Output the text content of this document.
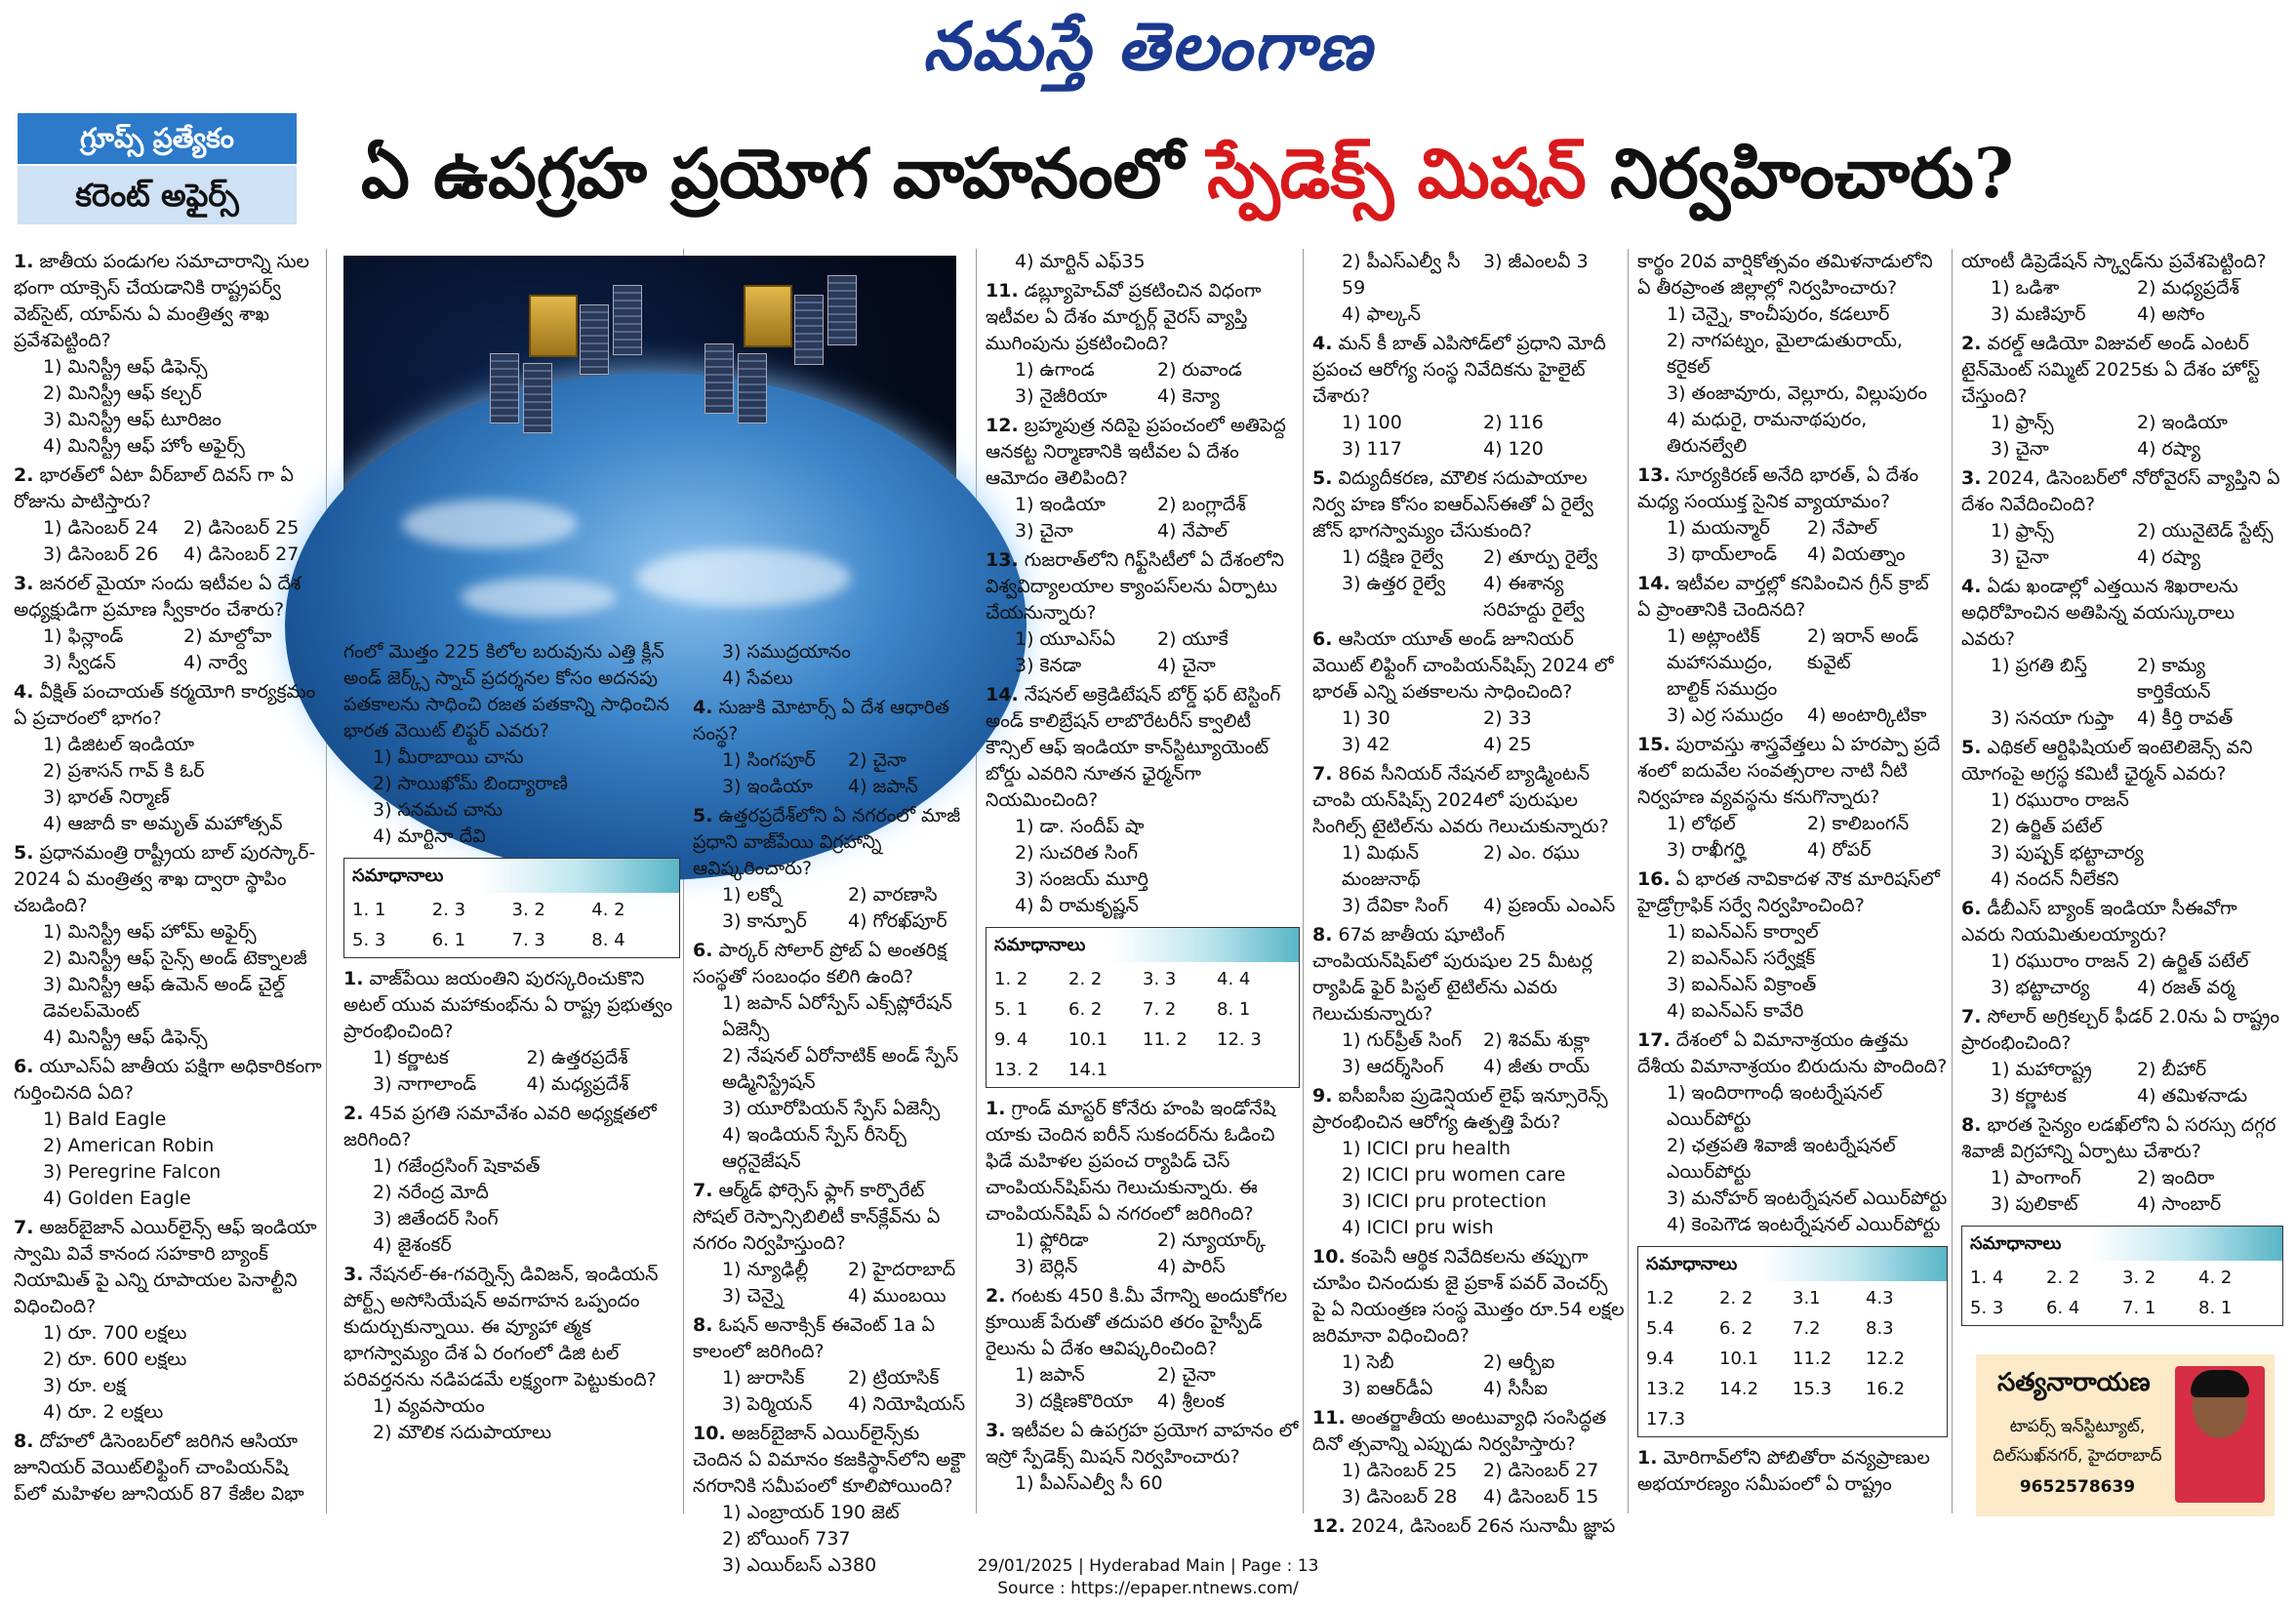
నమస్తే తెలంగాణ
గ్రూప్స్ ప్రత్యేకం
కరెంట్ అఫైర్స్	ఏ ఉపగ్రహ ప్రయోగ వాహనంలో స్పేడెక్స్ మిషన్ నిర్వహించారు?
1. జాతీయ పండుగల సమాచారాన్ని సుల భంగా యాక్సెస్ చేయడానికి రాష్ట్రపర్వ్ వెబ్‌సైట్, యాప్‌ను ఏ మంత్రిత్వ శాఖ ప్రవేశపెట్టింది?
1) మినిస్ట్రీ ఆఫ్ డిఫెన్స్
2) మినిస్ట్రీ ఆఫ్ కల్చర్
3) మినిస్ట్రీ ఆఫ్ టూరిజం
4) మినిస్ట్రీ ఆఫ్ హోం అఫైర్స్
2. భారత్‌లో ఏటా వీర్‌బాల్ దివస్ గా ఏ రోజును పాటిస్తారు?
1) డిసెంబర్ 24	2) డిసెంబర్ 25
3) డిసెంబర్ 26	4) డిసెంబర్ 27
3. జనరల్ మైయా సందు ఇటీవల ఏ దేశ అధ్యక్షుడిగా ప్రమాణ స్వీకారం చేశారు?
1) ఫిన్లాండ్	2) మాల్దోవా
3) స్వీడన్	4) నార్వే
4. వీక్షిత్ పంచాయత్ కర్మయోగి కార్యక్రమం ఏ ప్రచారంలో భాగం?
1) డిజిటల్ ఇండియా
2) ప్రశాసన్ గావ్ కి ఓర్
3) భారత్ నిర్మాణ్
4) ఆజాదీ కా అమృత్ మహోత్సవ్
5. ప్రధానమంత్రి రాష్ట్రీయ బాల్ పురస్కార్- 2024 ఏ మంత్రిత్వ శాఖ ద్వారా స్థాపిం చబడింది?
1) మినిస్ట్రీ ఆఫ్ హోమ్ అఫైర్స్
2) మినిస్ట్రీ ఆఫ్ సైన్స్ అండ్ టెక్నాలజీ
3) మినిస్ట్రీ ఆఫ్ ఉమెన్ అండ్ చైల్డ్ డెవలప్‌మెంట్
4) మినిస్ట్రీ ఆఫ్ డిఫెన్స్
6. యూఎస్‌ఏ జాతీయ పక్షిగా అధికారికంగా గుర్తించినది ఏది?
1) Bald Eagle
2) American Robin
3) Peregrine Falcon
4) Golden Eagle
7. అజర్‌బైజాన్ ఎయిర్‌లైన్స్ ఆఫ్ ఇండియా స్వామి వివే కానంద సహకారి బ్యాంక్ నియామిత్ పై ఎన్ని రూపాయల పెనాల్టీని విధించింది?
1) రూ. 700 లక్షలు
2) రూ. 600 లక్షలు
3) రూ. లక్ష
4) రూ. 2 లక్షలు
8. దోహలో డిసెంబర్‌లో జరిగిన ఆసియా జూనియర్ వెయిట్‌లిఫ్టింగ్ చాంపియన్‌షి ప్‌లో మహిళల జూనియర్ 87 కేజీల విభా
గంలో మొత్తం 225 కిలోల బరువును ఎత్తి క్లీన్ అండ్ జెర్క్స్ స్నాచ్ ప్రదర్శనల కోసం అదనపు పతకాలను సాధించి రజత పతకాన్ని సాధించిన భారత వెయిట్ లిఫ్టర్ ఎవరు?
1) మీరాబాయి చాను
2) సాయిఖోమ్ బింద్యారాణి
3) సనమచ చాను
4) మార్టినా దేవి
సమాధానాలు
1. 1	2. 3	3. 2	4. 2
5. 3	6. 1	7. 3	8. 4
1. వాజ్‌పేయి జయంతిని పురస్కరించుకొని అటల్ యువ మహాకుంభ్‌ను ఏ రాష్ట్ర ప్రభుత్వం ప్రారంభించింది?
1) కర్ణాటక	2) ఉత్తరప్రదేశ్
3) నాగాలాండ్	4) మధ్యప్రదేశ్
2. 45వ ప్రగతి సమావేశం ఎవరి అధ్యక్షతలో జరిగింది?
1) గజేంద్రసింగ్ షెకావత్
2) నరేంద్ర మోదీ
3) జితేందర్ సింగ్
4) జైశంకర్
3. నేషనల్-ఈ-గవర్నెన్స్ డివిజన్, ఇండియన్ పోర్ట్స్ అసోసియేషన్ అవగాహన ఒప్పందం కుదుర్చుకున్నాయి. ఈ వ్యూహా త్మక భాగస్వామ్యం దేశ ఏ రంగంలో డిజి టల్ పరివర్తనను నడిపడమే లక్ష్యంగా పెట్టుకుంది?
1) వ్యవసాయం
2) మౌలిక సదుపాయాలు
3) సముద్రయానం
4) సేవలు
4. సుజుకి మోటార్స్ ఏ దేశ ఆధారిత సంస్థ?
1) సింగపూర్	2) చైనా
3) ఇండియా	4) జపాన్
5. ఉత్తరప్రదేశ్‌లోని ఏ నగరంలో మాజీ ప్రధాని వాజ్‌పేయి విగ్రహాన్ని ఆవిష్కరించారు?
1) లక్నో	2) వారణాసి
3) కాన్పూర్	4) గోరఖ్‌పూర్
6. పార్కర్ సోలార్ ప్రోబ్ ఏ అంతరిక్ష సంస్థతో సంబంధం కలిగి ఉంది?
1) జపాన్ ఏరోస్పేస్ ఎక్స్‌ప్లోరేషన్ ఏజెన్సీ
2) నేషనల్ ఏరోనాటిక్ అండ్ స్పేస్ అడ్మినిస్ట్రేషన్
3) యూరోపియన్ స్పేస్ ఏజెన్సీ
4) ఇండియన్ స్పేస్ రీసెర్చ్ ఆర్గనైజేషన్
7. ఆర్మ్‌డ్ ఫోర్సెస్ ఫ్లాగ్ కార్పొరేట్ సోషల్ రెస్పాన్సిబిలిటీ కాన్‌క్లేవ్‌ను ఏ నగరం నిర్వహిస్తుంది?
1) న్యూఢిల్లీ	2) హైదరాబాద్
3) చెన్నై	4) ముంబయి
8. ఓషన్ అనాక్సిక్ ఈవెంట్ 1a ఏ కాలంలో జరిగింది?
1) జురాసిక్	2) ట్రియాసిక్
3) పెర్మియన్	4) నియోషియస్
10. అజర్‌బైజాన్ ఎయిర్‌లైన్స్‌కు చెందిన ఏ విమానం కజకిస్థాన్‌లోని అక్టౌ నగరానికి సమీపంలో కూలిపోయింది?
1) ఎంబ్రాయర్ 190 జెట్
2) బోయింగ్ 737
3) ఎయిర్‌బస్ ఎ380
4) మార్టిన్ ఎఫ్35
11. డబ్ల్యూహెచ్‌వో ప్రకటించిన విధంగా ఇటీవల ఏ దేశం మార్బర్గ్ వైరస్ వ్యాప్తి ముగింపును ప్రకటించింది?
1) ఉగాండ	2) రువాండ
3) నైజీరియా	4) కెన్యా
12. బ్రహ్మపుత్ర నదిపై ప్రపంచంలో అతిపెద్ద ఆనకట్ట నిర్మాణానికి ఇటీవల ఏ దేశం ఆమోదం తెలిపింది?
1) ఇండియా	2) బంగ్లాదేశ్
3) చైనా	4) నేపాల్
13. గుజరాత్‌లోని గిఫ్ట్‌సిటీలో ఏ దేశంలోని విశ్వవిద్యాలయాల క్యాంపస్‌లను ఏర్పాటు చేయనున్నారు?
1) యూఎస్‌ఏ	2) యూకే
3) కెనడా	4) చైనా
14. నేషనల్ అక్రెడిటేషన్ బోర్డ్ ఫర్ టెస్టింగ్ అండ్ కాలిబ్రేషన్ లాబొరేటరీస్ క్వాలిటీ కౌన్సిల్ ఆఫ్ ఇండియా కాన్‌స్టిట్యూయెంట్ బోర్డు ఎవరిని నూతన ఛైర్మన్‌గా నియమించింది?
1) డా. సందీప్ షా
2) సుచరిత సింగ్
3) సంజయ్ మూర్తి
4) వీ రామకృష్ణన్
సమాధానాలు
1. 2	2. 2	3. 3	4. 4
5. 1	6. 2	7. 2	8. 1
9. 4	10.1	11. 2	12. 3
13. 2	14.1
1. గ్రాండ్ మాస్టర్ కోనేరు హంపి ఇండోనేషి యాకు చెందిన ఐరీన్ సుకందర్‌ను ఓడించి ఫిడే మహిళల ప్రపంచ ర్యాపిడ్ చెస్ చాంపియన్‌షిప్‌ను గెలుచుకున్నారు. ఈ చాంపియన్‌షిప్ ఏ నగరంలో జరిగింది?
1) ఫ్లోరిడా	2) న్యూయార్క్
3) బెర్లిన్	4) పారిస్
2. గంటకు 450 కి.మీ వేగాన్ని అందుకోగల క్రూయిజ్ పేరుతో తదుపరి తరం హైస్పీడ్ రైలును ఏ దేశం ఆవిష్కరించింది?
1) జపాన్	2) చైనా
3) దక్షిణకొరియా	4) శ్రీలంక
3. ఇటీవల ఏ ఉపగ్రహ ప్రయోగ వాహనం లో ఇస్రో స్పేడెక్స్ మిషన్ నిర్వహించారు?
1) పీఎస్ఎల్వీ సీ 60
2) పీఎస్ఎల్వీ సీ 59
3) జీఎంలవీ 3
4) ఫాల్కన్
4. మన్ కీ బాత్ ఎపిసోడ్‌లో ప్రధాని మోదీ ప్రపంచ ఆరోగ్య సంస్థ నివేదికను హైలైట్ చేశారు?
1) 100	2) 116
3) 117	4) 120
5. విద్యుదీకరణ, మౌలిక సదుపాయాల నిర్వ హణ కోసం ఐఆర్ఎస్ఈతో ఏ రైల్వే జోన్ భాగస్వామ్యం చేసుకుంది?
1) దక్షిణ రైల్వే	2) తూర్పు రైల్వే
3) ఉత్తర రైల్వే	4) ఈశాన్య సరిహద్దు రైల్వే
6. ఆసియా యూత్ అండ్ జూనియర్ వెయిట్ లిఫ్టింగ్ చాంపియన్‌షిప్స్ 2024 లో భారత్ ఎన్ని పతకాలను సాధించింది?
1) 30	2) 33
3) 42	4) 25
7. 86వ సీనియర్ నేషనల్ బ్యాడ్మింటన్ చాంపి యన్‌షిప్స్ 2024లో పురుషుల సింగిల్స్ టైటిల్‌ను ఎవరు గెలుచుకున్నారు?
1) మిథున్ మంజునాథ్
2) ఎం. రఘు
3) దేవికా సింగ్	4) ప్రణయ్ ఎంఎస్
8. 67వ జాతీయ షూటింగ్ చాంపియన్‌షిప్‌లో పురుషుల 25 మీటర్ల ర్యాపిడ్ ఫైర్ పిస్టల్ టైటిల్‌ను ఎవరు గెలుచుకున్నారు?
1) గుర్‌ప్రీత్ సింగ్	2) శివమ్ శుక్లా
3) ఆదర్శ్‌సింగ్	4) జీతు రాయ్
9. ఐసీఐసీఐ ప్రుడెన్షియల్ లైఫ్ ఇన్సూరెన్స్ ప్రారంభించిన ఆరోగ్య ఉత్పత్తి పేరు?
1) ICICI pru health
2) ICICI pru women care
3) ICICI pru protection
4) ICICI pru wish
10. కంపెనీ ఆర్థిక నివేదికలను తప్పుగా చూపిం చినందుకు జై ప్రకాశ్ పవర్ వెంచర్స్ పై ఏ నియంత్రణ సంస్థ మొత్తం రూ.54 లక్షల జరిమానా విధించింది?
1) సెబీ	2) ఆర్బీఐ
3) ఐఆర్‌డీఏ	4) సీసీఐ
11. అంతర్జాతీయ అంటువ్యాధి సంసిద్ధత దినో త్సవాన్ని ఎప్పుడు నిర్వహిస్తారు?
1) డిసెంబర్ 25	2) డిసెంబర్ 27
3) డిసెంబర్ 28	4) డిసెంబర్ 15
12. 2024, డిసెంబర్ 26న సునామీ జ్ఞాప
కార్థం 20వ వార్షికోత్సవం తమిళనాడులోని ఏ తీరప్రాంత జిల్లాల్లో నిర్వహించారు?
1) చెన్నై, కాంచీపురం, కడలూర్
2) నాగపట్నం, మైలాడుతురాయ్, కరైకల్
3) తంజావూరు, వెల్లూరు, విల్లుపురం
4) మధురై, రామనాథపురం, తిరునల్వేలి
13. సూర్యకిరణ్ అనేది భారత్, ఏ దేశం మధ్య సంయుక్త సైనిక వ్యాయామం?
1) మయన్మార్	2) నేపాల్
3) థాయ్‌లాండ్	4) వియత్నాం
14. ఇటీవల వార్తల్లో కనిపించిన గ్రీన్ క్రాబ్ ఏ ప్రాంతానికి చెందినది?
1) అట్లాంటిక్ మహాసముద్రం, బాల్టిక్ సముద్రం
2) ఇరాన్ అండ్ కువైట్
3) ఎర్ర సముద్రం	4) అంటార్కిటికా
15. పురావస్తు శాస్త్రవేత్తలు ఏ హరప్పా ప్రదే శంలో ఐదువేల సంవత్సరాల నాటి నీటి నిర్వహణ వ్యవస్థను కనుగొన్నారు?
1) లోథల్	2) కాలిబంగన్
3) రాఖీగర్హి	4) రోపర్
16. ఏ భారత నావికాదళ నౌక మారిషస్‌లో హైడ్రోగ్రాఫిక్ సర్వే నిర్వహించింది?
1) ఐఎన్ఎస్ కార్వాల్
2) ఐఎన్ఎస్ సర్వేక్షక్
3) ఐఎన్ఎస్ విక్రాంత్
4) ఐఎన్ఎస్ కావేరి
17. దేశంలో ఏ విమానాశ్రయం ఉత్తమ దేశీయ విమానాశ్రయం బిరుదును పొందింది?
1) ఇందిరాగాంధీ ఇంటర్నేషనల్ ఎయిర్‌పోర్టు
2) ఛత్రపతి శివాజీ ఇంటర్నేషనల్ ఎయిర్‌పోర్టు
3) మనోహర్ ఇంటర్నేషనల్ ఎయిర్‌పోర్టు
4) కెంపెగౌడ ఇంటర్నేషనల్ ఎయిర్‌పోర్టు
సమాధానాలు
1.2	2. 2	3.1	4.3
5.4	6. 2	7.2	8.3
9.4	10.1	11.2	12.2
13.2	14.2	15.3	16.2
17.3
1. మోరిగావ్‌లోని పోబితోరా వన్యప్రాణుల అభయారణ్యం సమీపంలో ఏ రాష్ట్రం
యాంటీ డిప్రెడేషన్ స్క్వాడ్‌ను ప్రవేశపెట్టింది?
1) ఒడిశా	2) మధ్యప్రదేశ్
3) మణిపూర్	4) అసోం
2. వరల్డ్ ఆడియో విజువల్ అండ్ ఎంటర్ టైన్‌మెంట్ సమ్మిట్ 2025కు ఏ దేశం హోస్ట్ చేస్తుంది?
1) ఫ్రాన్స్	2) ఇండియా
3) చైనా	4) రష్యా
3. 2024, డిసెంబర్‌లో నోరోవైరస్ వ్యాప్తిని ఏ దేశం నివేదించింది?
1) ఫ్రాన్స్	2) యునైటెడ్ స్టేట్స్
3) చైనా	4) రష్యా
4. ఏడు ఖండాల్లో ఎత్తయిన శిఖరాలను అధిరోహించిన అతిపిన్న వయస్కురాలు ఎవరు?
1) ప్రగతి బిస్త్	2) కామ్య కార్తికేయన్
3) సనయా గుప్తా	4) కీర్తి రావత్
5. ఎథికల్ ఆర్టిఫిషియల్ ఇంటెలిజెన్స్ వని యోగంపై అగ్రస్థ కమిటీ ఛైర్మన్ ఎవరు?
1) రఘురాం రాజన్
2) ఉర్జిత్ పటేల్
3) పుష్పక్ భట్టాచార్య
4) నందన్ నీలేకని
6. డీబీఎస్ బ్యాంక్ ఇండియా సీఈవోగా ఎవరు నియమితులయ్యారు?
1) రఘురాం రాజన్ 2) ఉర్జిత్ పటేల్
3) భట్టాచార్య	4) రజత్ వర్మ
7. సోలార్ అగ్రికల్చర్ ఫీడర్ 2.0ను ఏ రాష్ట్రం ప్రారంభించింది?
1) మహారాష్ట్ర	2) బీహార్
3) కర్ణాటక	4) తమిళనాడు
8. భారత సైన్యం లడఖ్‌లోని ఏ సరస్సు దగ్గర శివాజీ విగ్రహాన్ని ఏర్పాటు చేశారు?
1) పాంగాంగ్	2) ఇందిరా
3) పులికాట్	4) సాంబార్
సమాధానాలు
1. 4	2. 2	3. 2	4. 2
5. 3	6. 4	7. 1	8. 1
సత్యనారాయణ
టాపర్స్ ఇన్‌స్టిట్యూట్,
దిల్‌సుఖ్‌నగర్, హైదరాబాద్
9652578639
29/01/2025 | Hyderabad Main | Page : 13
Source : https://epaper.ntnews.com/
